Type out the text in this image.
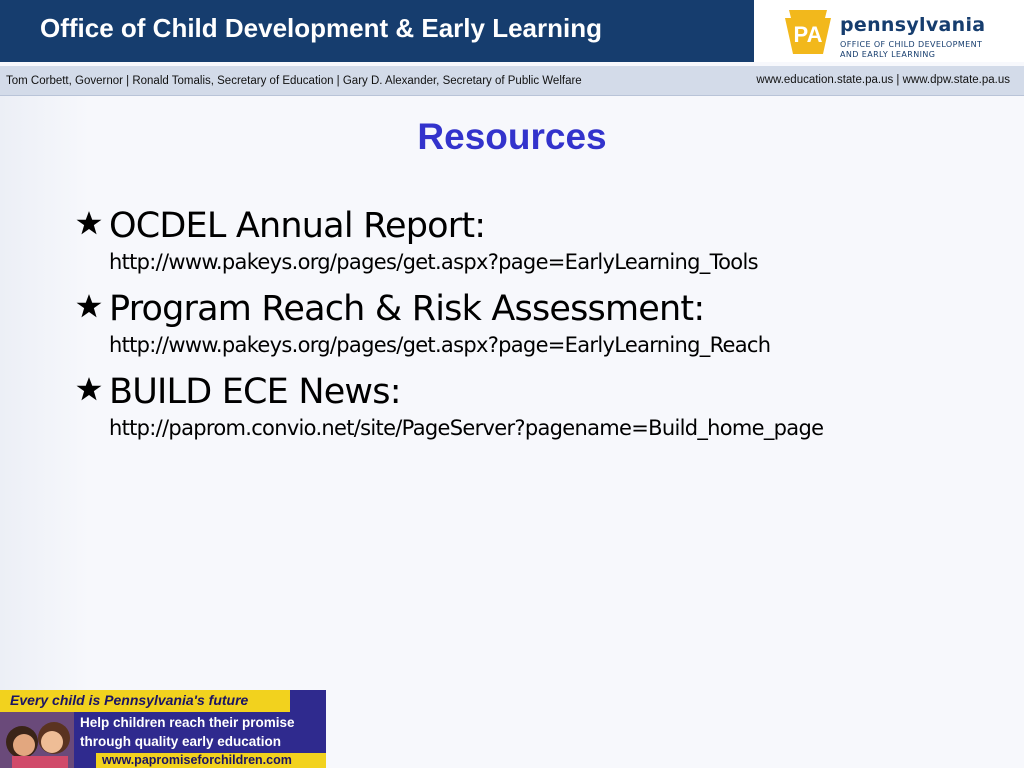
Office of Child Development & Early Learning	PA pennsylvania
OFFICE OF CHILD DEVELOPMENT
AND EARLY LEARNING
Tom Corbett, Governor | Ronald Tomalis, Secretary of Education | Gary D. Alexander, Secretary of Public Welfare	www.education.state.pa.us | www.dpw.state.pa.us
Resources
OCDEL Annual Report:
http://www.pakeys.org/pages/get.aspx?page=EarlyLearning_Tools
Program Reach & Risk Assessment:
http://www.pakeys.org/pages/get.aspx?page=EarlyLearning_Reach
BUILD ECE News:
http://paprom.convio.net/site/PageServer?pagename=Build_home_page
Every child is Pennsylvania's future
Help children reach their promise
through quality early education
www.papromiseforchildren.com
